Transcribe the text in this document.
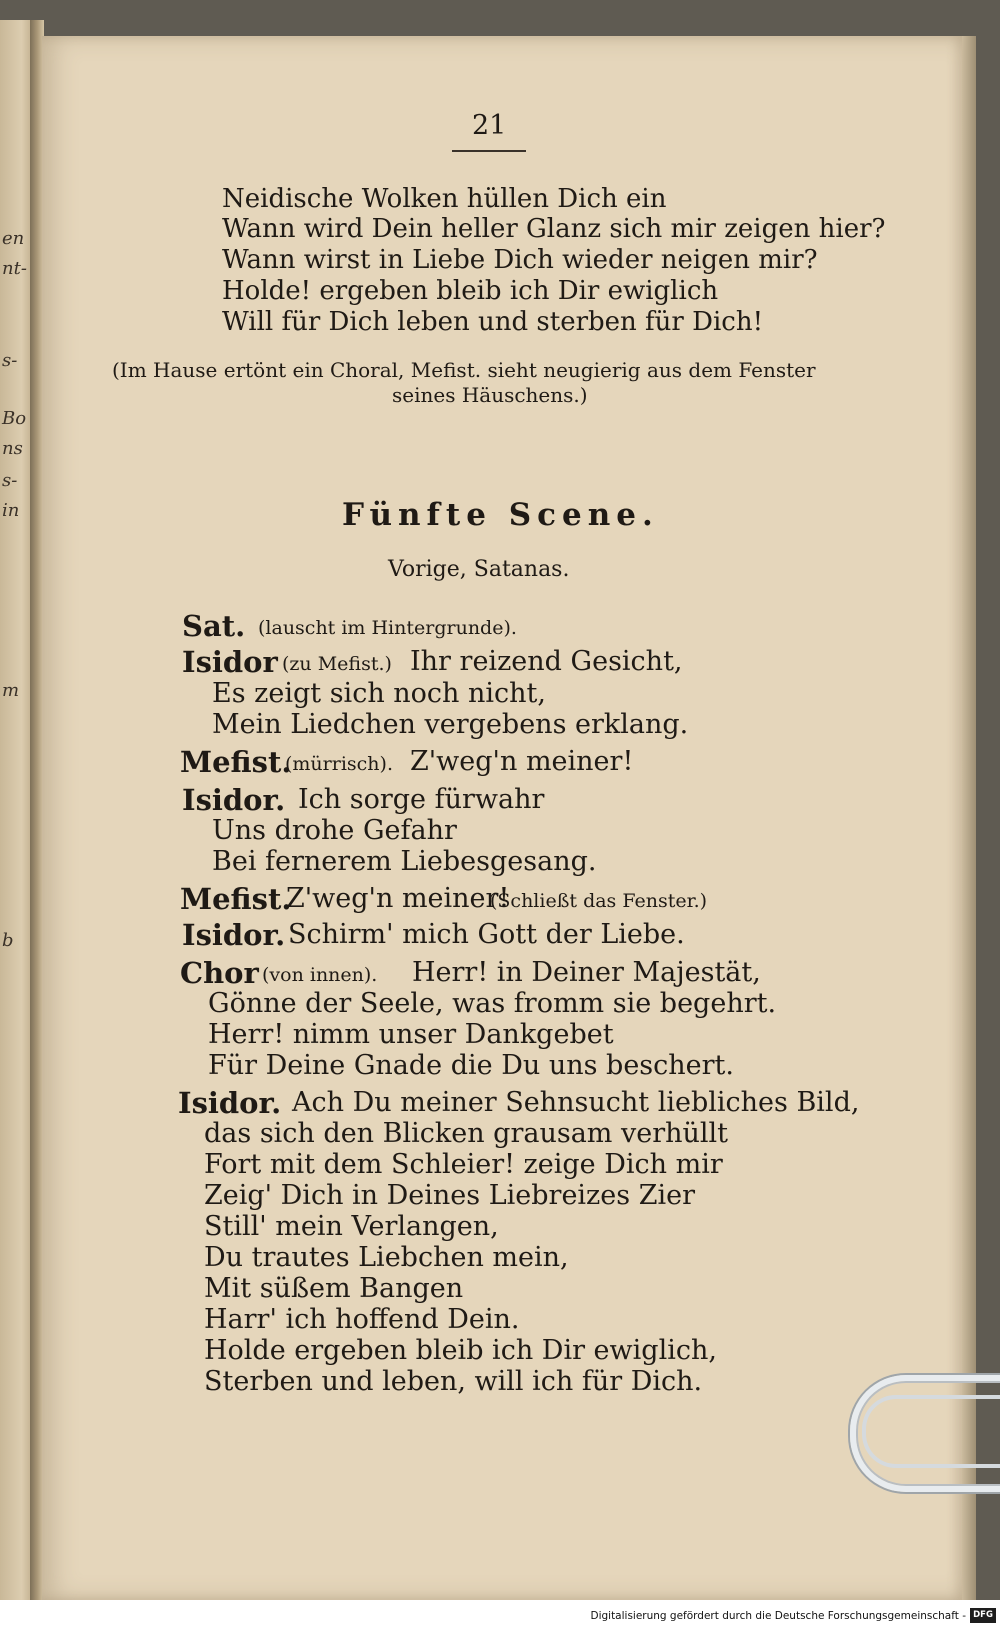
en
nt-
s-
Bo
ns
s-
in
m
b
21
Neidische Wolken hüllen Dich ein
Wann wird Dein heller Glanz sich mir zeigen hier?
Wann wirst in Liebe Dich wieder neigen mir?
Holde! ergeben bleib ich Dir ewiglich
Will für Dich leben und sterben für Dich!
(Im Hause ertönt ein Choral, Mefist. sieht neugierig aus dem Fenster
seines Häuschens.)
Fünfte Scene.
Vorige, Satanas.
Sat. (lauscht im Hintergrunde).
Isidor (zu Mefist.) Ihr reizend Gesicht,
Es zeigt sich noch nicht,
Mein Liedchen vergebens erklang.
Mefist.
(mürrisch). Z'weg'n meiner!
Isidor. Ich sorge fürwahr
Uns drohe Gefahr
Bei fernerem Liebesgesang.
Mefist.
Z'weg'n meiner!
(Schließt das Fenster.)
Isidor. Schirm' mich Gott der Liebe.
Chor (von innen). Herr! in Deiner Majestät,
Gönne der Seele, was fromm sie begehrt.
Herr! nimm unser Dankgebet
Für Deine Gnade die Du uns beschert.
Isidor. Ach Du meiner Sehnsucht liebliches Bild,
das sich den Blicken grausam verhüllt
Fort mit dem Schleier! zeige Dich mir
Zeig' Dich in Deines Liebreizes Zier
Still' mein Verlangen,
Du trautes Liebchen mein,
Mit süßem Bangen
Harr' ich hoffend Dein.
Holde ergeben bleib ich Dir ewiglich,
Sterben und leben, will ich für Dich.
Digitalisierung gefördert durch die Deutsche Forschungsgemeinschaft - DFG
